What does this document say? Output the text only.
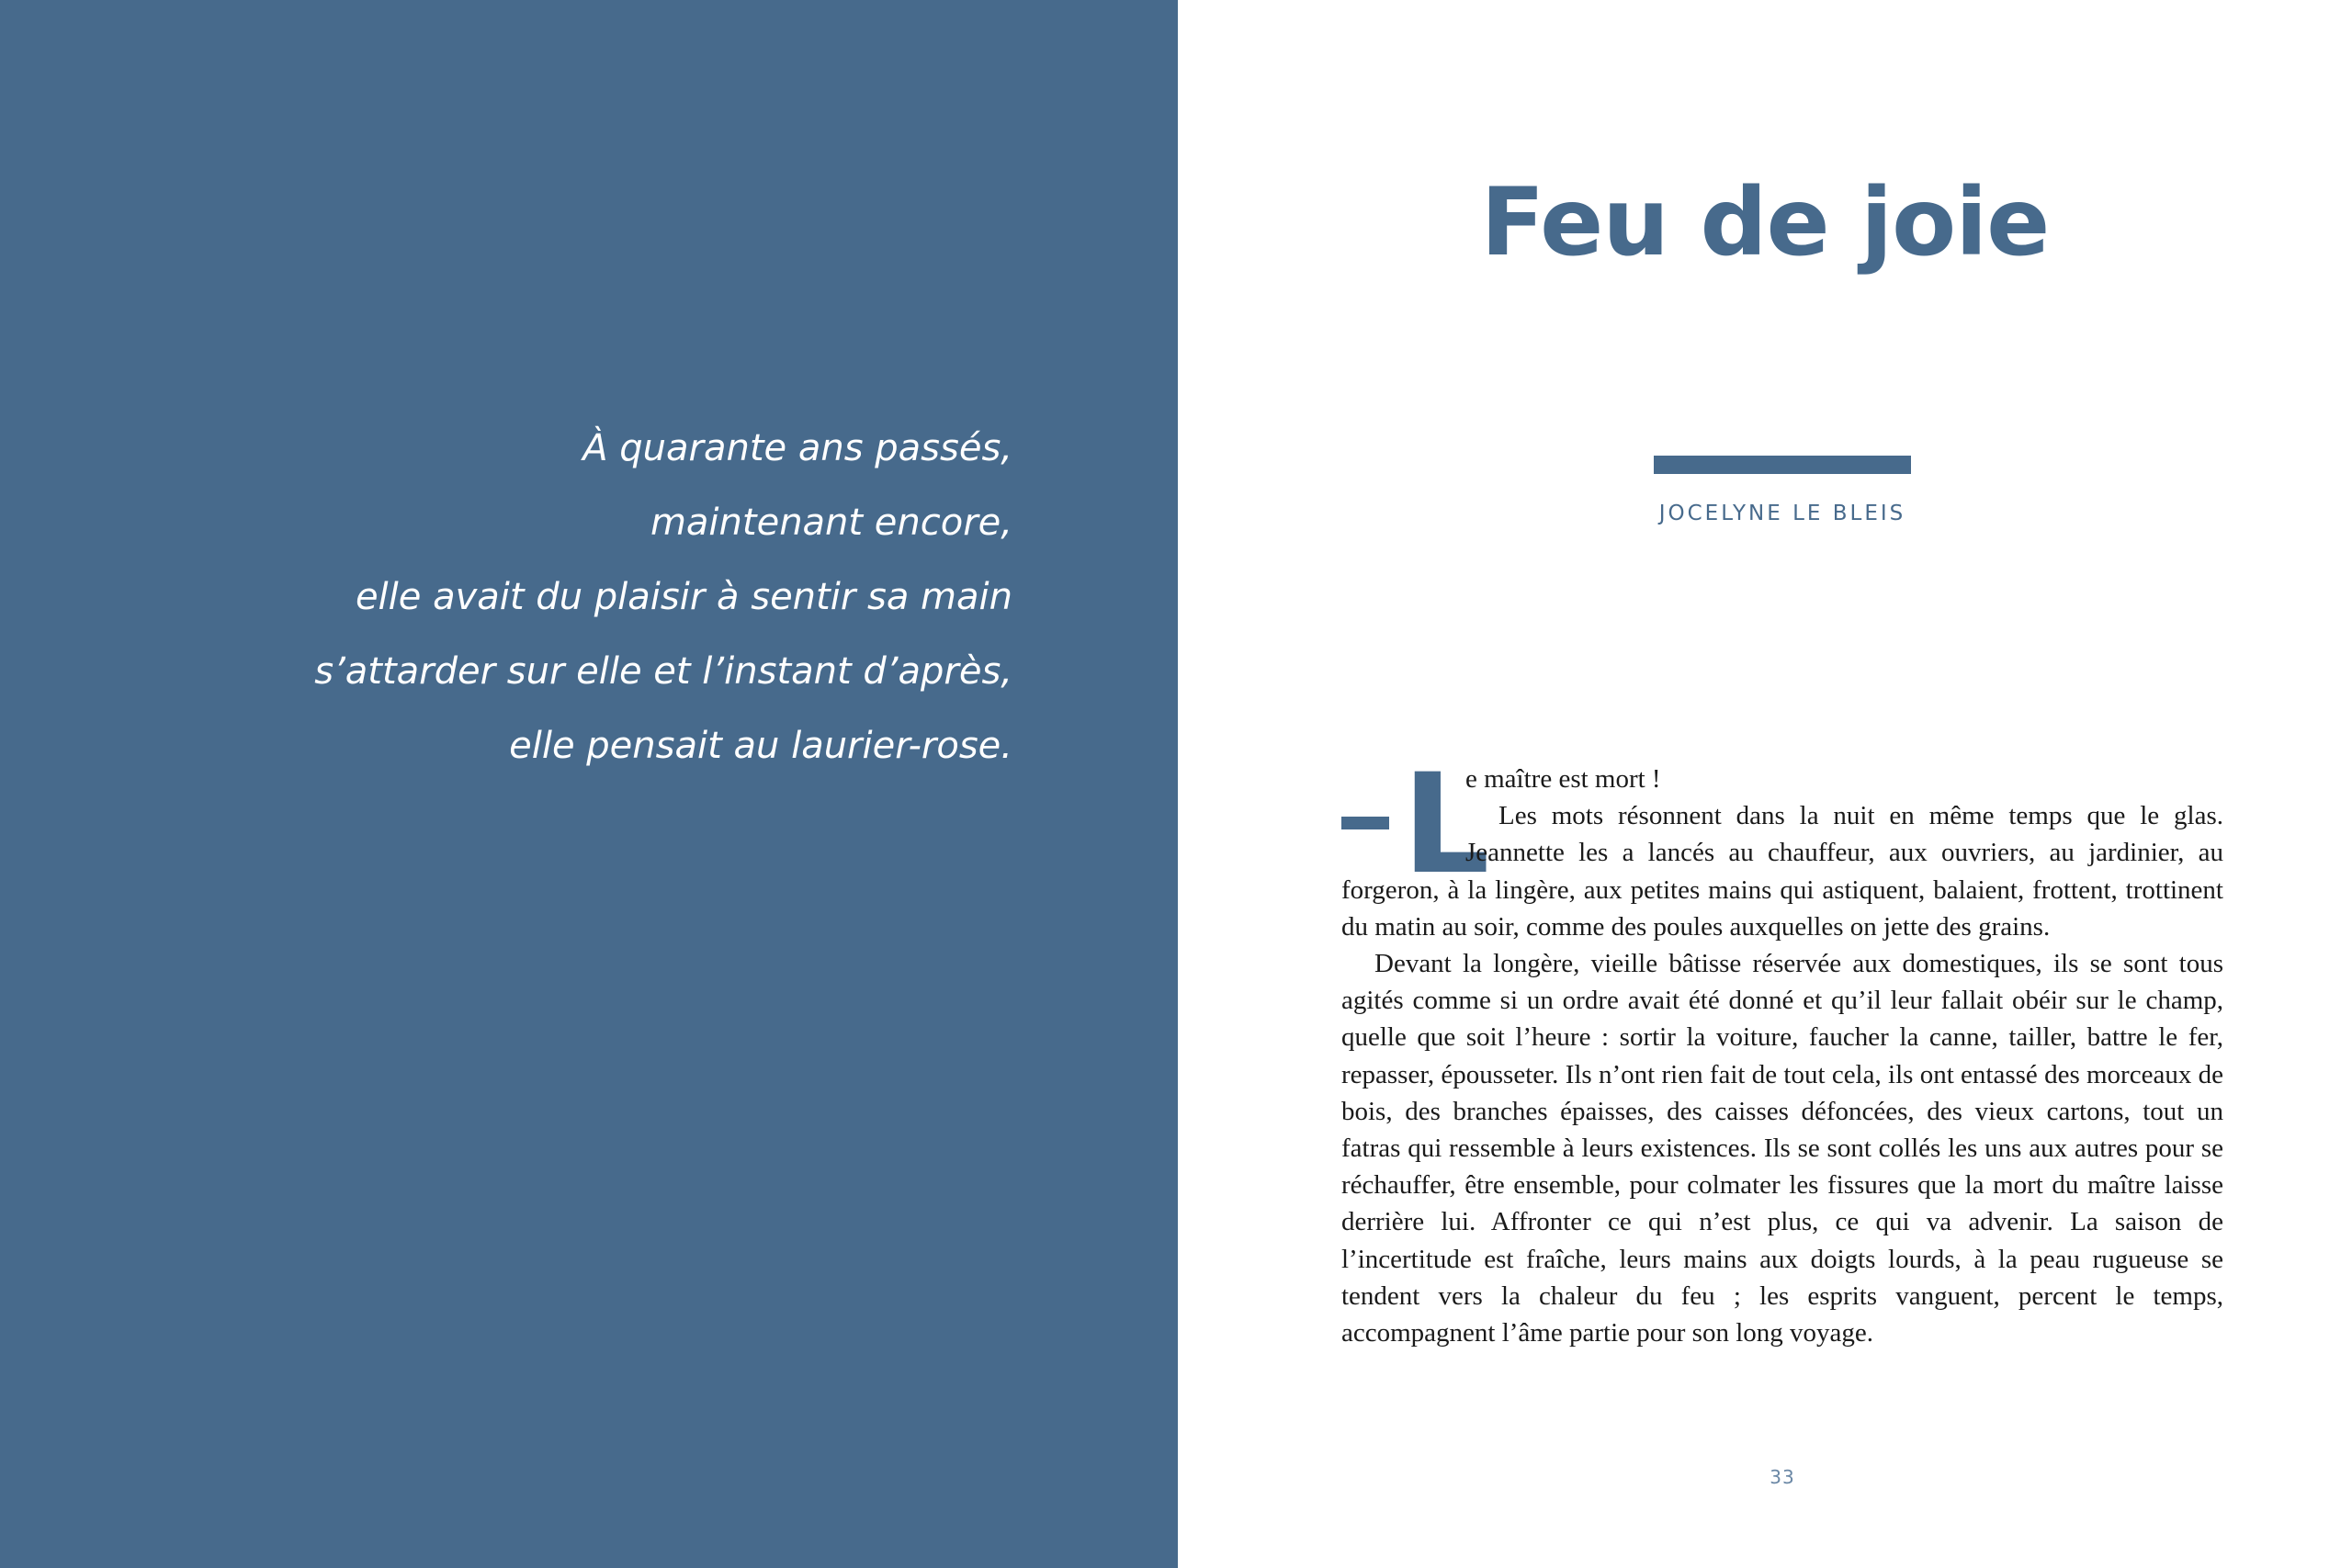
À quarante ans passés,
maintenant encore,
elle avait du plaisir à sentir sa main
s’attarder sur elle et l’instant d’après,
elle pensait au laurier-rose.
Feu de joie
JOCELYNE LE BLEIS
L

e maître est mort !

Les mots résonnent dans la nuit en même temps que le glas. Jeannette les a lancés au chauffeur, aux ouvriers, au jardinier, au forgeron, à la lingère, aux petites mains qui astiquent, balaient, frottent, trottinent du matin au soir, comme des poules auxquelles on jette des grains.

Devant la longère, vieille bâtisse réservée aux domestiques, ils se sont tous agités comme si un ordre avait été donné et qu’il leur fallait obéir sur le champ, quelle que soit l’heure : sortir la voiture, faucher la canne, tailler, battre le fer, repasser, épousseter. Ils n’ont rien fait de tout cela, ils ont entassé des morceaux de bois, des branches épaisses, des caisses défoncées, des vieux cartons, tout un fatras qui ressemble à leurs existences. Ils se sont collés les uns aux autres pour se réchauffer, être ensemble, pour colmater les fissures que la mort du maître laisse derrière lui. Affronter ce qui n’est plus, ce qui va advenir. La saison de l’incertitude est fraîche, leurs mains aux doigts lourds, à la peau rugueuse se tendent vers la chaleur du feu ; les esprits vanguent, percent le temps, accompagnent l’âme partie pour son long voyage.

33
